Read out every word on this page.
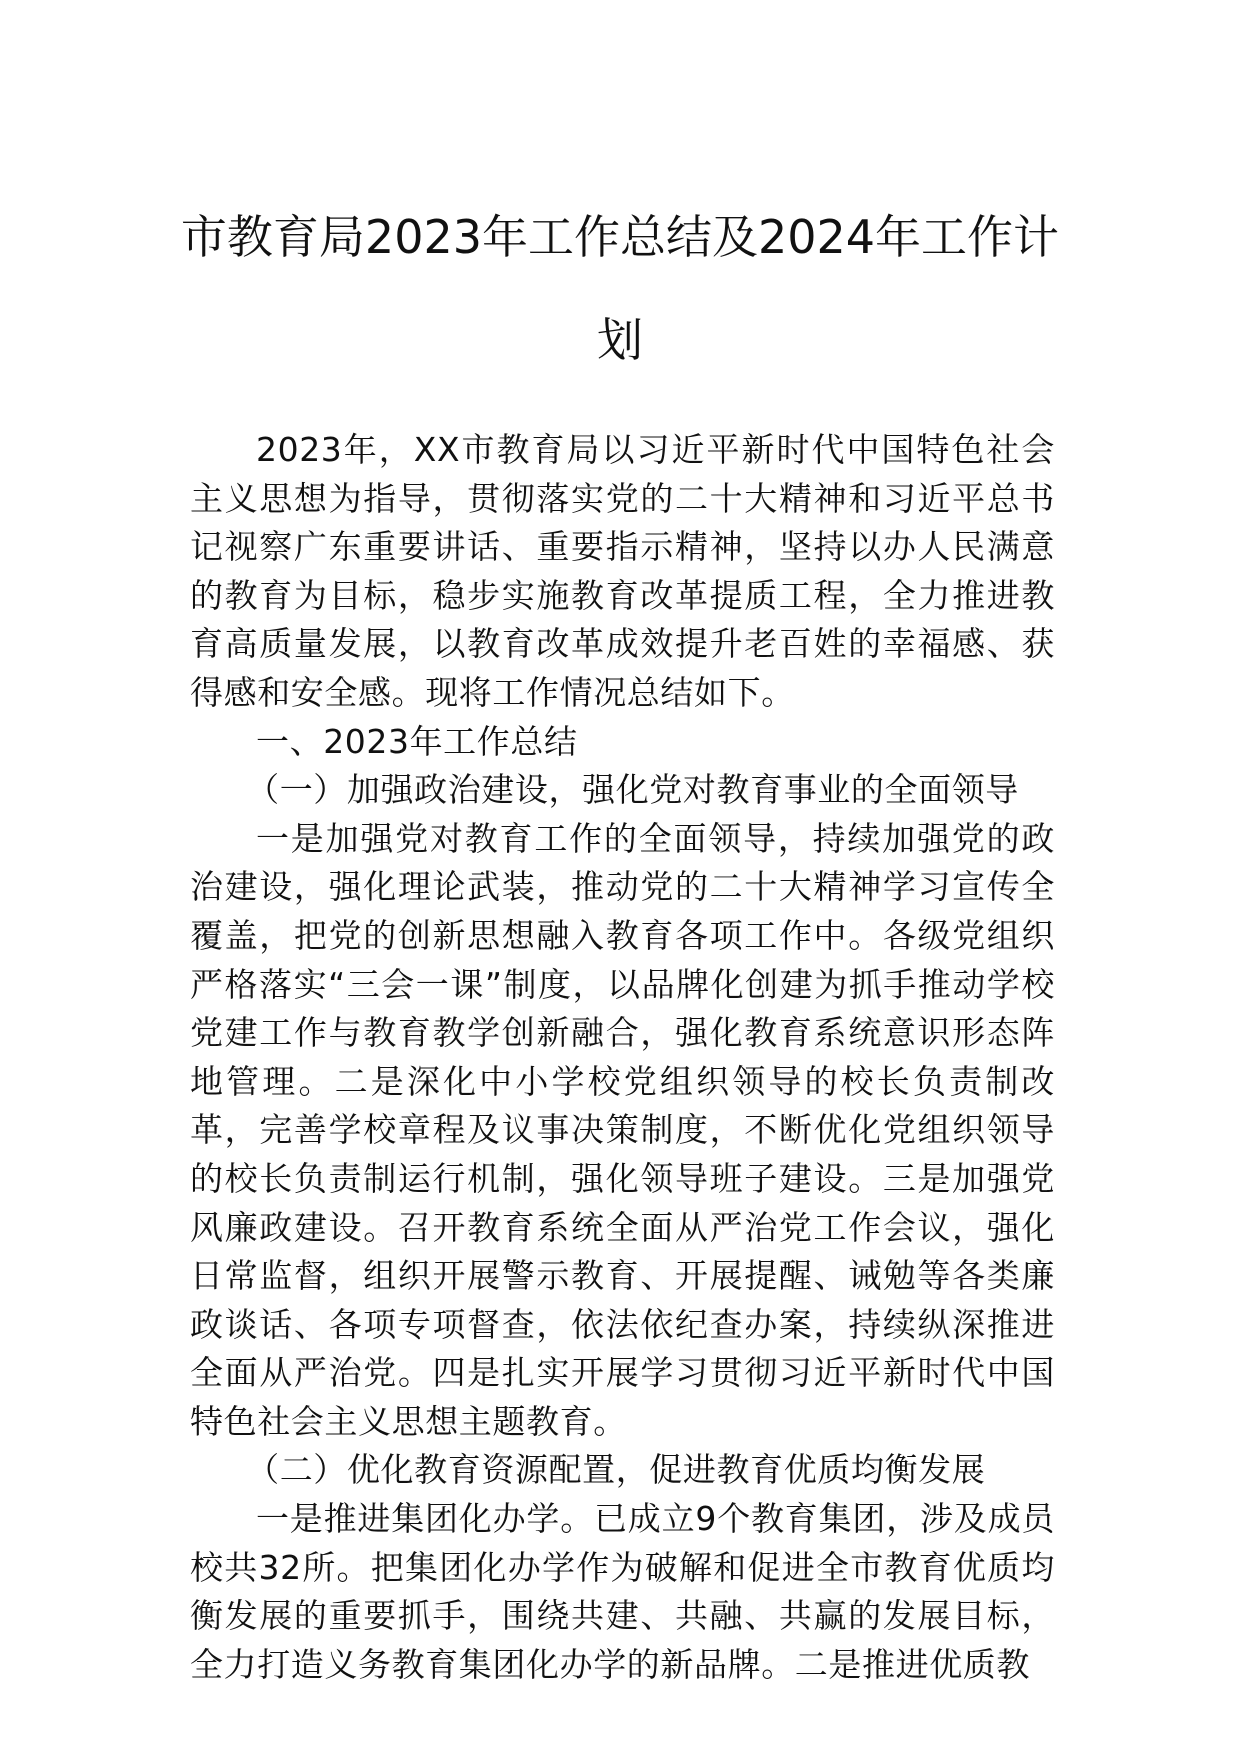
市教育局2023年工作总结及2024年工作计划

2023年，XX市教育局以习近平新时代中国特色社会主义思想为指导，贯彻落实党的二十大精神和习近平总书记视察广东重要讲话、重要指示精神，坚持以办人民满意的教育为目标，稳步实施教育改革提质工程，全力推进教育高质量发展，以教育改革成效提升老百姓的幸福感、获得感和安全感。现将工作情况总结如下。

一、2023年工作总结

（一）加强政治建设，强化党对教育事业的全面领导

一是加强党对教育工作的全面领导，持续加强党的政治建设，强化理论武装，推动党的二十大精神学习宣传全覆盖，把党的创新思想融入教育各项工作中。各级党组织严格落实“三会一课”制度，以品牌化创建为抓手推动学校党建工作与教育教学创新融合，强化教育系统意识形态阵地管理。二是深化中小学校党组织领导的校长负责制改革，完善学校章程及议事决策制度，不断优化党组织领导的校长负责制运行机制，强化领导班子建设。三是加强党风廉政建设。召开教育系统全面从严治党工作会议，强化日常监督，组织开展警示教育、开展提醒、诫勉等各类廉政谈话、各项专项督查，依法依纪查办案，持续纵深推进全面从严治党。四是扎实开展学习贯彻习近平新时代中国特色社会主义思想主题教育。

（二）优化教育资源配置，促进教育优质均衡发展

一是推进集团化办学。已成立9个教育集团，涉及成员校共32所。把集团化办学作为破解和促进全市教育优质均衡发展的重要抓手，围绕共建、共融、共赢的发展目标，全力打造义务教育集团化办学的新品牌。二是推进优质教
